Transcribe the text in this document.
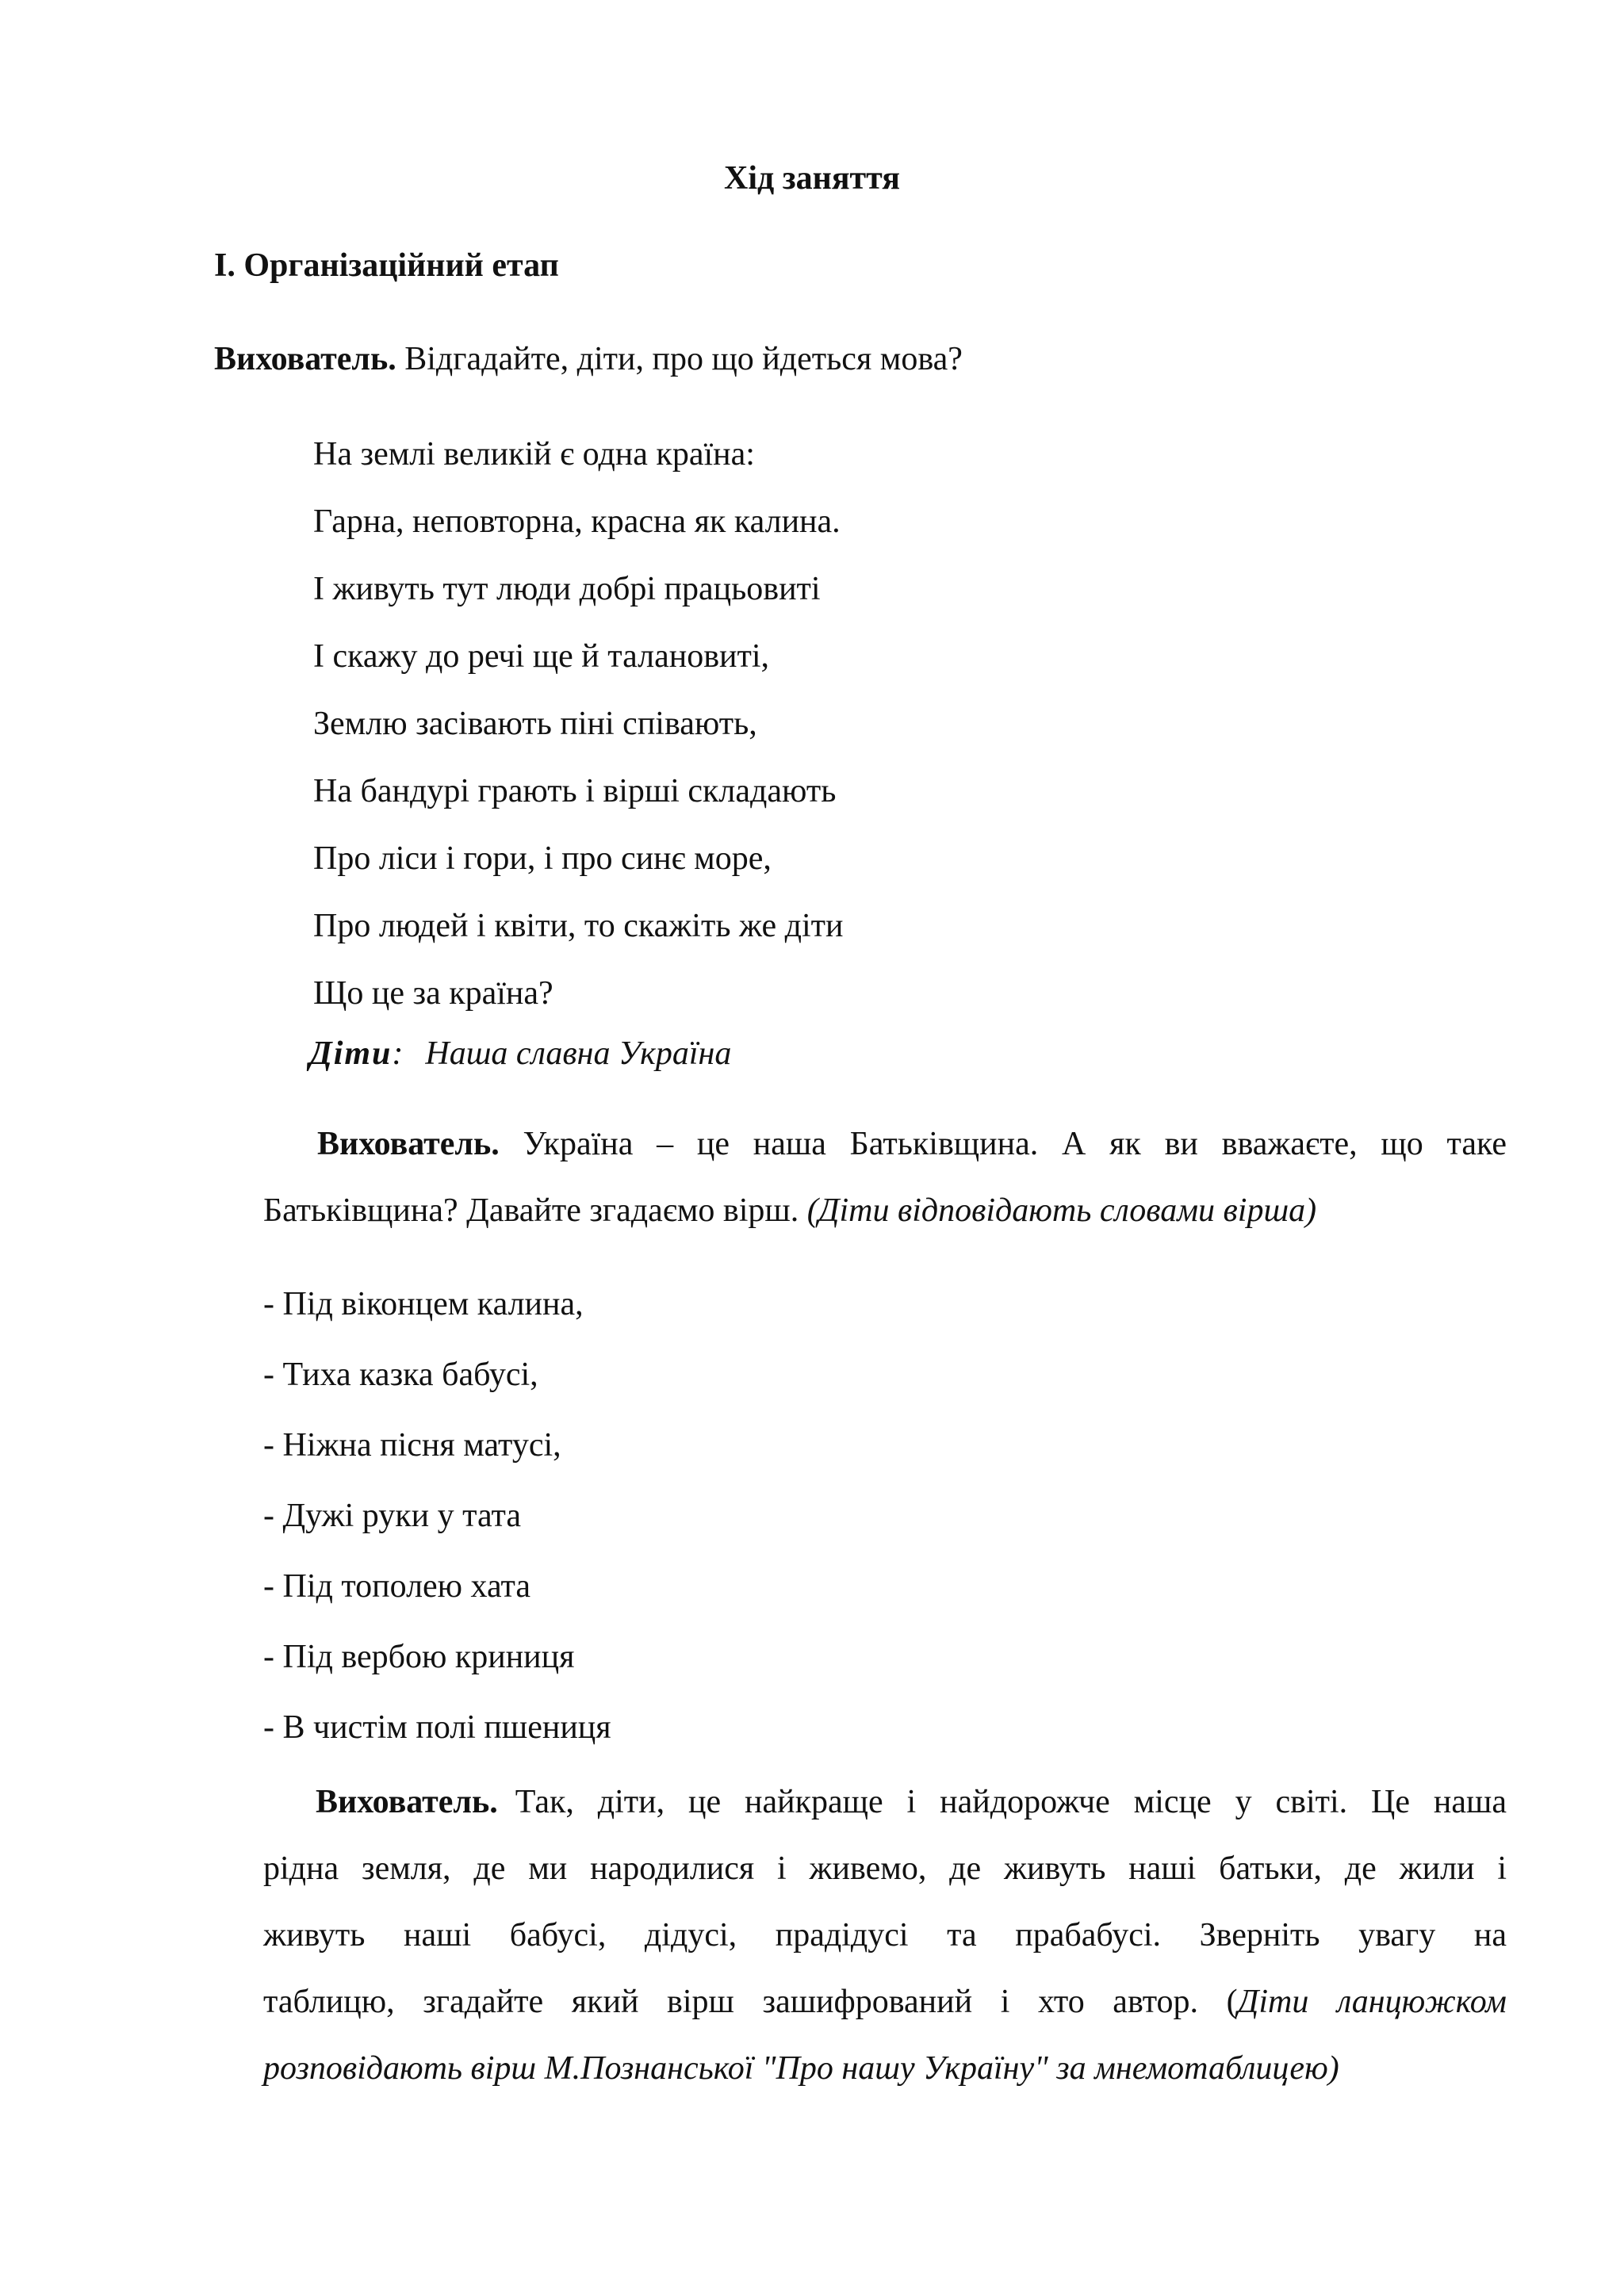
Хід заняття
І. Організаційний етап
Вихователь. Відгадайте, діти, про що йдеться мова?
На землі великій є одна країна:
Гарна, неповторна, красна як калина.
І живуть тут люди добрі працьовиті
І скажу до речі ще й талановиті,
Землю засівають піні співають,
На бандурі грають і вірші складають
Про ліси і гори, і про синє море,
Про людей і квіти, то скажіть же діти
Що це за країна?
Діти: Наша славна Україна
Вихователь. Україна – це наша Батьківщина. А як ви вважаєте, що таке
Батьківщина? Давайте згадаємо вірш. (Діти відповідають словами вірша)
- Під віконцем калина,
- Тиха казка бабусі,
- Ніжна пісня матусі,
- Дужі руки у тата
- Під тополею хата
- Під вербою криниця
- В чистім полі пшениця
Вихователь. Так, діти, це найкраще і найдорожче місце у світі. Це наша
рідна земля, де ми народилися і живемо, де живуть наші батьки, де жили і
живуть наші бабусі, дідусі, прадідусі та прабабусі. Зверніть увагу на
таблицю, згадайте який вірш зашифрований і хто автор. (Діти ланцюжком
розповідають вірш М.Познанської "Про нашу Україну" за мнемотаблицею)
